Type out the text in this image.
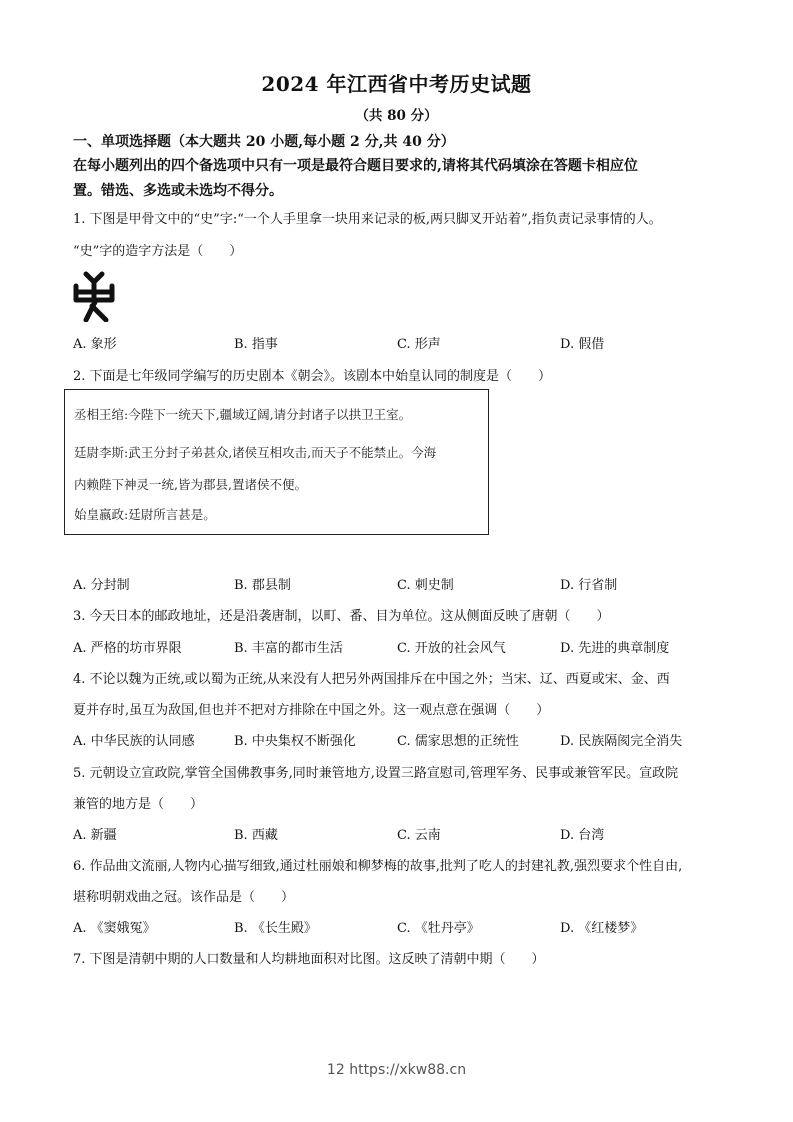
2024 年江西省中考历史试题
（共 80 分）
一、单项选择题（本大题共 20 小题,每小题 2 分,共 40 分）
在每小题列出的四个备选项中只有一项是最符合题目要求的,请将其代码填涂在答题卡相应位
置。错选、多选或未选均不得分。
1. 下图是甲骨文中的“史”字:“一个人手里拿一块用来记录的板,两只脚叉开站着”,指负责记录事情的人。
“史”字的造字方法是（　　）
A. 象形	B. 指事	C. 形声	D. 假借
2. 下面是七年级同学编写的历史剧本《朝会》。该剧本中始皇认同的制度是（　　）
丞相王绾:今陛下一统天下,疆域辽阔,请分封诸子以拱卫王室。
廷尉李斯:武王分封子弟甚众,诸侯互相攻击,而天子不能禁止。今海
内赖陛下神灵一统,皆为郡县,置诸侯不便。
始皇嬴政:廷尉所言甚是。
A. 分封制	B. 郡县制	C. 刺史制	D. 行省制
3. 今天日本的邮政地址，还是沿袭唐制，以町、番、目为单位。这从侧面反映了唐朝（　　）
A. 严格的坊市界限	B. 丰富的都市生活	C. 开放的社会风气	D. 先进的典章制度
4. 不论以魏为正统,或以蜀为正统,从来没有人把另外两国排斥在中国之外；当宋、辽、西夏或宋、金、西
夏并存时,虽互为敌国,但也并不把对方排除在中国之外。这一观点意在强调（　　）
A. 中华民族的认同感	B. 中央集权不断强化	C. 儒家思想的正统性	D. 民族隔阂完全消失
5. 元朝设立宣政院,掌管全国佛教事务,同时兼管地方,设置三路宣慰司,管理军务、民事或兼管军民。宣政院
兼管的地方是（　　）
A. 新疆	B. 西藏	C. 云南	D. 台湾
6. 作品曲文流丽,人物内心描写细致,通过杜丽娘和柳梦梅的故事,批判了吃人的封建礼教,强烈要求个性自由,
堪称明朝戏曲之冠。该作品是（　　）
A. 《窦娥冤》	B. 《长生殿》	C. 《牡丹亭》	D. 《红楼梦》
7. 下图是清朝中期的人口数量和人均耕地面积对比图。这反映了清朝中期（　　）
12 https://xkw88.cn
